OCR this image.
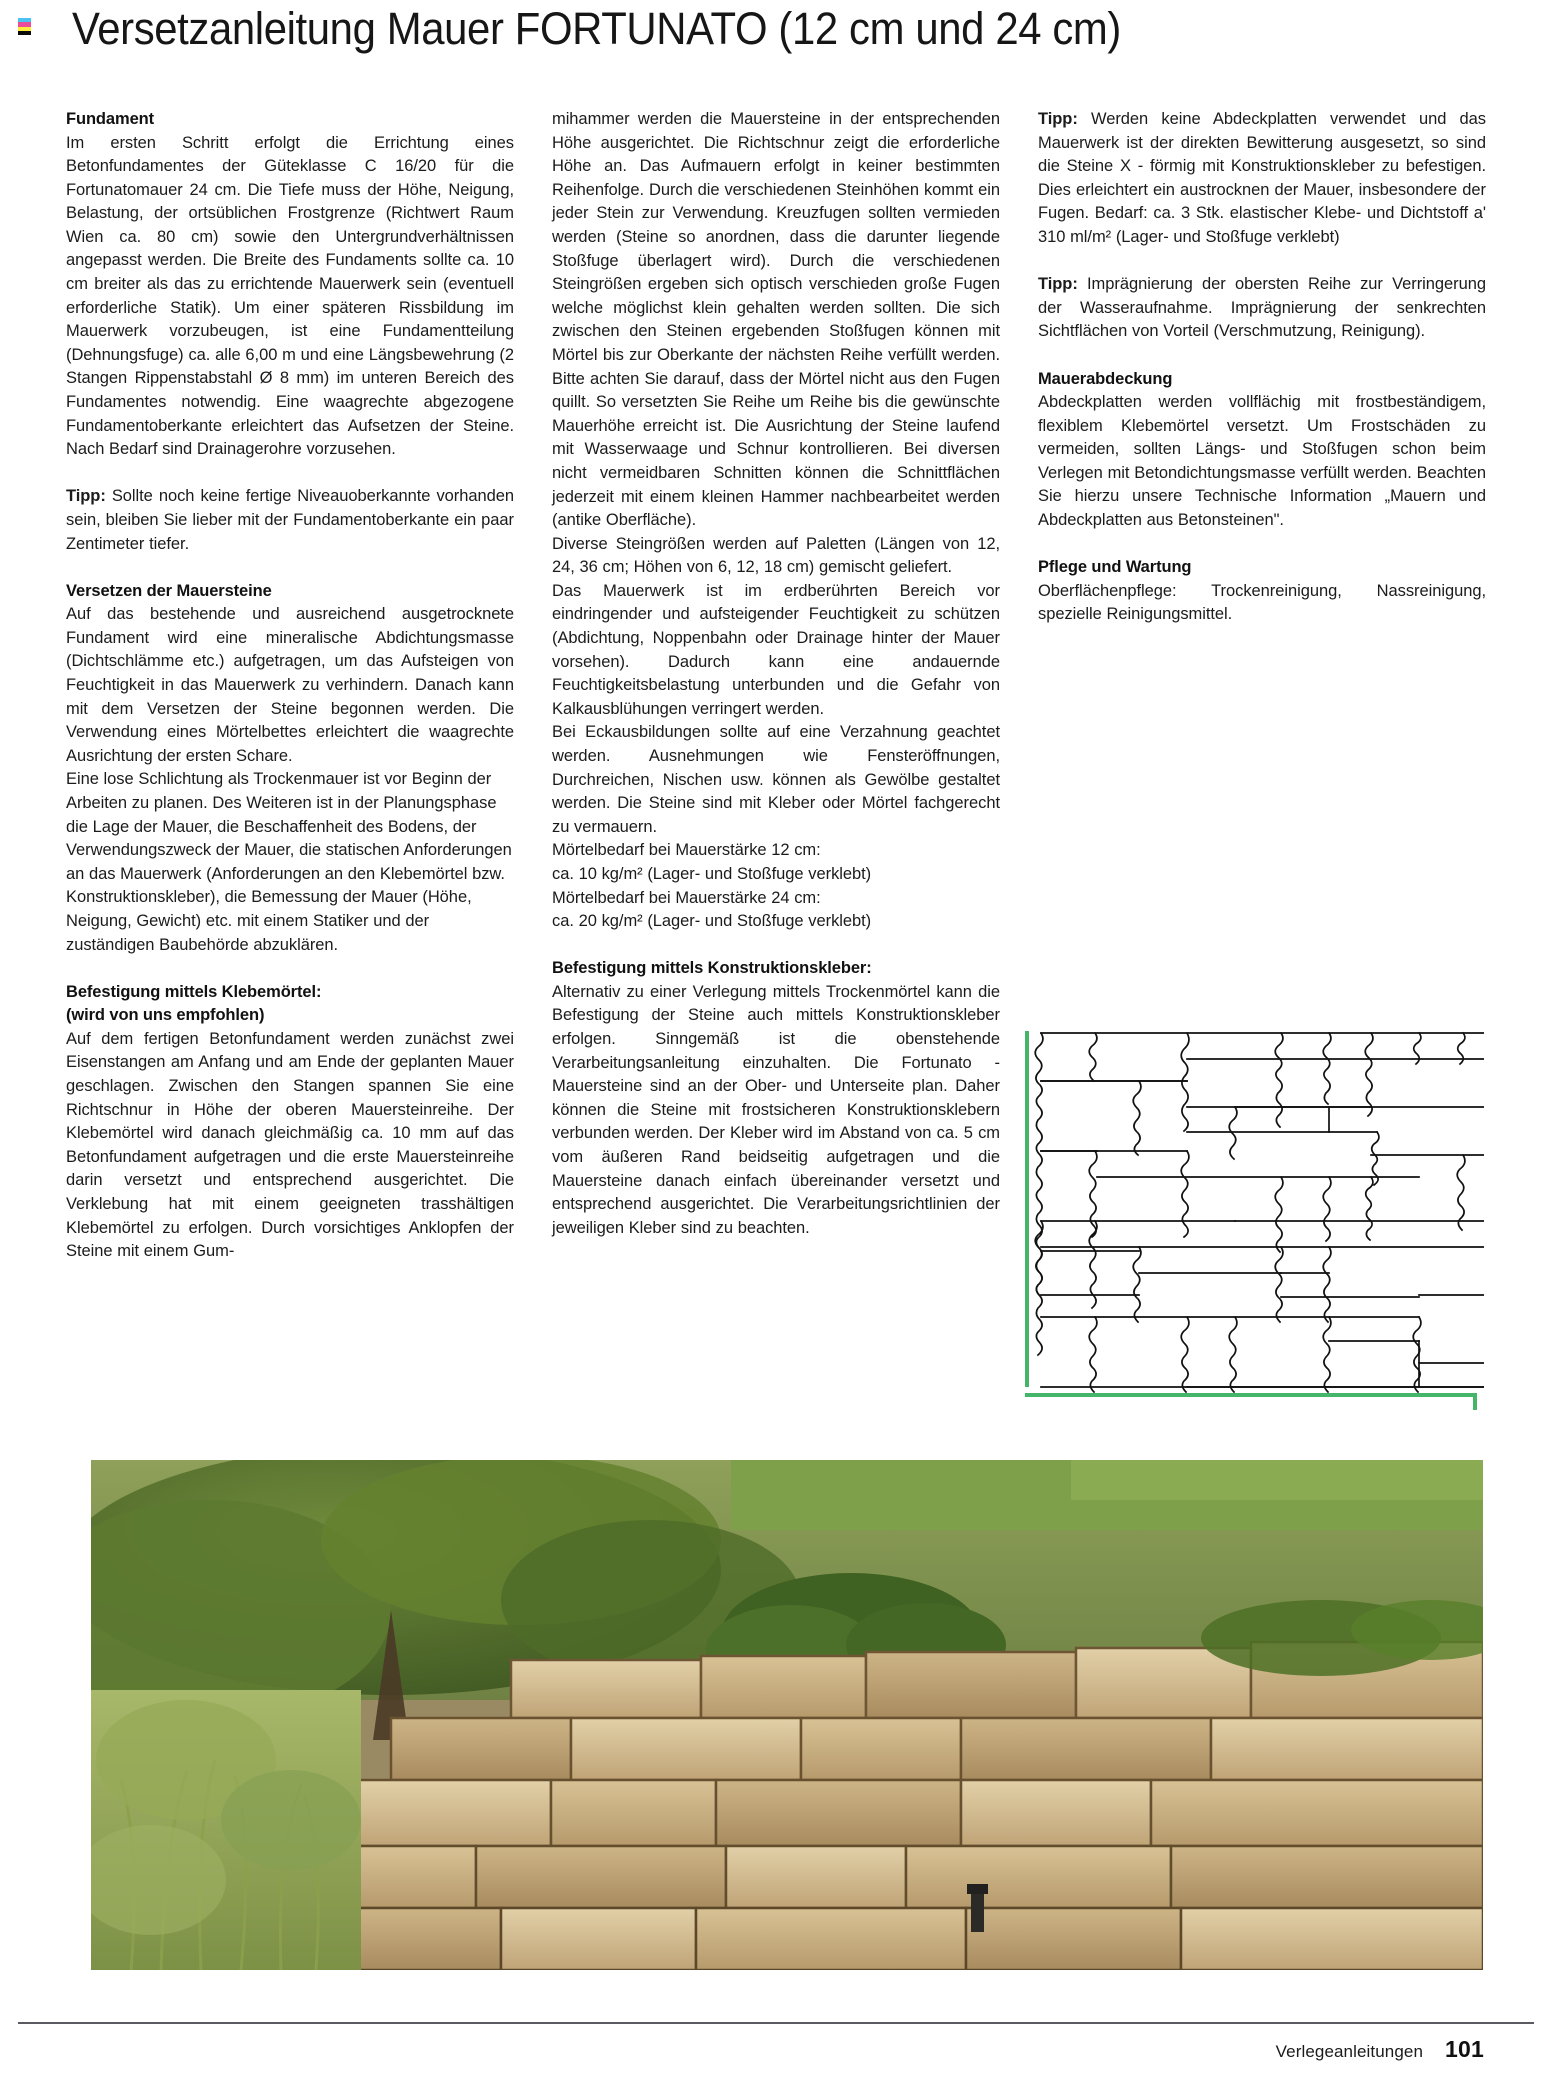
Versetzanleitung Mauer FORTUNATO (12 cm und 24 cm)
Fundament

Im ersten Schritt erfolgt die Errichtung eines Betonfundamentes der Güteklasse C 16/20 für die Fortunatomauer 24 cm. Die Tiefe muss der Höhe, Neigung, Belastung, der ortsüblichen Frostgrenze (Richtwert Raum Wien ca. 80 cm) sowie den Untergrundverhältnissen angepasst werden. Die Breite des Fundaments sollte ca. 10 cm breiter als das zu errichtende Mauerwerk sein (eventuell erforderliche Statik). Um einer späteren Rissbildung im Mauerwerk vorzubeugen, ist eine Fundamentteilung (Dehnungsfuge) ca. alle 6,00 m und eine Längsbewehrung (2 Stangen Rippenstabstahl Ø 8 mm) im unteren Bereich des Fundamentes notwendig. Eine waagrechte abgezogene Fundamentoberkante erleichtert das Aufsetzen der Steine. Nach Bedarf sind Drainagerohre vorzusehen.

Tipp: Sollte noch keine fertige Niveauoberkannte vorhanden sein, bleiben Sie lieber mit der Fundamentoberkante ein paar Zentimeter tiefer.

Versetzen der Mauersteine

Auf das bestehende und ausreichend ausgetrocknete Fundament wird eine mineralische Abdichtungsmasse (Dichtschlämme etc.) aufgetragen, um das Aufsteigen von Feuchtigkeit in das Mauerwerk zu verhindern. Danach kann mit dem Versetzen der Steine begonnen werden. Die Verwendung eines Mörtelbettes erleichtert die waagrechte Ausrichtung der ersten Schare.

Eine lose Schlichtung als Trockenmauer ist vor Beginn der Arbeiten zu planen. Des Weiteren ist in der Planungsphase die Lage der Mauer, die Beschaffenheit des Bodens, der Verwendungszweck der Mauer, die statischen Anforderungen an das Mauerwerk (Anforderungen an den Klebemörtel bzw. Konstruktionskleber), die Bemessung der Mauer (Höhe, Neigung, Gewicht) etc. mit einem Statiker und der zuständigen Baubehörde abzuklären.

Befestigung mittels Klebemörtel:
(wird von uns empfohlen)

Auf dem fertigen Betonfundament werden zunächst zwei Eisenstangen am Anfang und am Ende der geplanten Mauer geschlagen. Zwischen den Stangen spannen Sie eine Richtschnur in Höhe der oberen Mauersteinreihe. Der Klebemörtel wird danach gleichmäßig ca. 10 mm auf das Betonfundament aufgetragen und die erste Mauersteinreihe darin versetzt und entsprechend ausgerichtet. Die Verklebung hat mit einem geeigneten trasshältigen Klebemörtel zu erfolgen. Durch vorsichtiges Anklopfen der Steine mit einem Gum-

mihammer werden die Mauersteine in der entsprechenden Höhe ausgerichtet. Die Richtschnur zeigt die erforderliche Höhe an. Das Aufmauern erfolgt in keiner bestimmten Reihenfolge. Durch die verschiedenen Steinhöhen kommt ein jeder Stein zur Verwendung. Kreuzfugen sollten vermieden werden (Steine so anordnen, dass die darunter liegende Stoßfuge überlagert wird). Durch die verschiedenen Steingrößen ergeben sich optisch verschieden große Fugen welche möglichst klein gehalten werden sollten. Die sich zwischen den Steinen ergebenden Stoßfugen können mit Mörtel bis zur Oberkante der nächsten Reihe verfüllt werden. Bitte achten Sie darauf, dass der Mörtel nicht aus den Fugen quillt. So versetzten Sie Reihe um Reihe bis die gewünschte Mauerhöhe erreicht ist. Die Ausrichtung der Steine laufend mit Wasserwaage und Schnur kontrollieren. Bei diversen nicht vermeidbaren Schnitten können die Schnittflächen jederzeit mit einem kleinen Hammer nachbearbeitet werden (antike Oberfläche).

Diverse Steingrößen werden auf Paletten (Längen von 12, 24, 36 cm; Höhen von 6, 12, 18 cm) gemischt geliefert.

Das Mauerwerk ist im erdberührten Bereich vor eindringender und aufsteigender Feuchtigkeit zu schützen (Abdichtung, Noppenbahn oder Drainage hinter der Mauer vorsehen). Dadurch kann eine andauernde Feuchtigkeitsbelastung unterbunden und die Gefahr von Kalkausblühungen verringert werden.

Bei Eckausbildungen sollte auf eine Verzahnung geachtet werden. Ausnehmungen wie Fensteröffnungen, Durchreichen, Nischen usw. können als Gewölbe gestaltet werden. Die Steine sind mit Kleber oder Mörtel fachgerecht zu vermauern.

Mörtelbedarf bei Mauerstärke 12 cm:

ca. 10 kg/m² (Lager- und Stoßfuge verklebt)

Mörtelbedarf bei Mauerstärke 24 cm:

ca. 20 kg/m² (Lager- und Stoßfuge verklebt)

Befestigung mittels Konstruktionskleber:

Alternativ zu einer Verlegung mittels Trockenmörtel kann die Befestigung der Steine auch mittels Konstruktionskleber erfolgen. Sinngemäß ist die obenstehende Verarbeitungsanleitung einzuhalten. Die Fortunato -Mauersteine sind an der Ober- und Unterseite plan. Daher können die Steine mit frostsicheren Konstruktionsklebern verbunden werden. Der Kleber wird im Abstand von ca. 5 cm vom äußeren Rand beidseitig aufgetragen und die Mauersteine danach einfach übereinander versetzt und entsprechend ausgerichtet. Die Verarbeitungsrichtlinien der jeweiligen Kleber sind zu beachten.

Tipp: Werden keine Abdeckplatten verwendet und das Mauerwerk ist der direkten Bewitterung ausgesetzt, so sind die Steine X - förmig mit Konstruktionskleber zu befestigen. Dies erleichtert ein austrocknen der Mauer, insbesondere der Fugen. Bedarf: ca. 3 Stk. elastischer Klebe- und Dichtstoff a' 310 ml/m² (Lager- und Stoßfuge verklebt)

Tipp: Imprägnierung der obersten Reihe zur Verringerung der Wasseraufnahme. Imprägnierung der senkrechten Sichtflächen von Vorteil (Verschmutzung, Reinigung).

Mauerabdeckung

Abdeckplatten werden vollflächig mit frostbeständigem, flexiblem Klebemörtel versetzt. Um Frostschäden zu vermeiden, sollten Längs- und Stoßfugen schon beim Verlegen mit Betondichtungsmasse verfüllt werden. Beachten Sie hierzu unsere Technische Information „Mauern und Abdeckplatten aus Betonsteinen".

Pflege und Wartung

Oberflächenpflege: Trockenreinigung, Nassreinigung, spezielle Reinigungsmittel.

Verlegeanleitungen 101
